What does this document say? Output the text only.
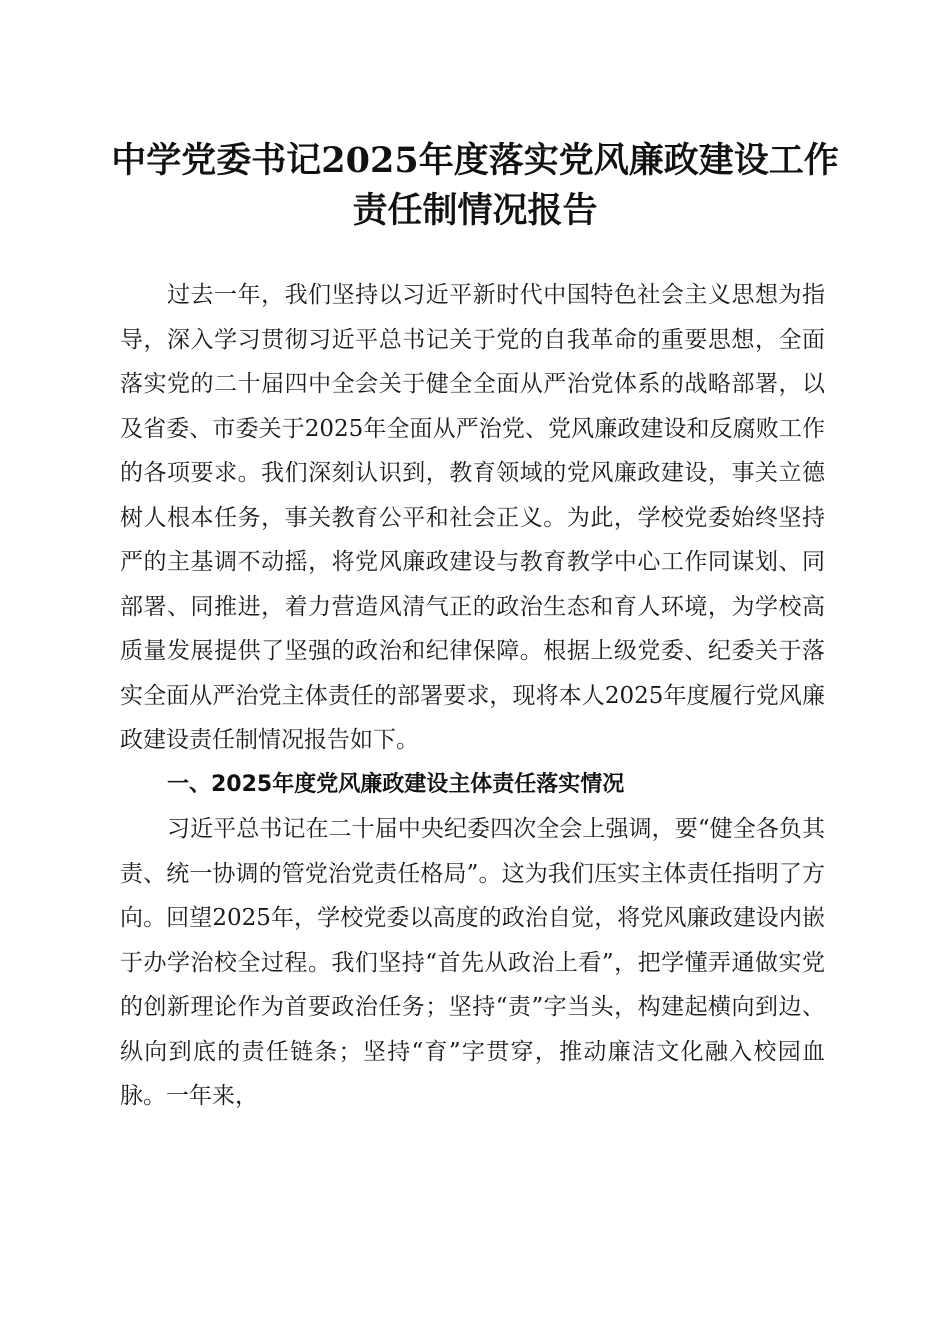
中学党委书记2025年度落实党风廉政建设工作责任制情况报告

过去一年，我们坚持以习近平新时代中国特色社会主义思想为指导，深入学习贯彻习近平总书记关于党的自我革命的重要思想，全面落实党的二十届四中全会关于健全全面从严治党体系的战略部署，以及省委、市委关于2025年全面从严治党、党风廉政建设和反腐败工作的各项要求。我们深刻认识到，教育领域的党风廉政建设，事关立德树人根本任务，事关教育公平和社会正义。为此，学校党委始终坚持严的主基调不动摇，将党风廉政建设与教育教学中心工作同谋划、同部署、同推进，着力营造风清气正的政治生态和育人环境，为学校高质量发展提供了坚强的政治和纪律保障。根据上级党委、纪委关于落实全面从严治党主体责任的部署要求，现将本人2025年度履行党风廉政建设责任制情况报告如下。

一、2025年度党风廉政建设主体责任落实情况

习近平总书记在二十届中央纪委四次全会上强调，要“健全各负其责、统一协调的管党治党责任格局”。这为我们压实主体责任指明了方向。回望2025年，学校党委以高度的政治自觉，将党风廉政建设内嵌于办学治校全过程。我们坚持“首先从政治上看”，把学懂弄通做实党的创新理论作为首要政治任务；坚持“责”字当头，构建起横向到边、纵向到底的责任链条；坚持“育”字贯穿，推动廉洁文化融入校园血脉。一年来，
